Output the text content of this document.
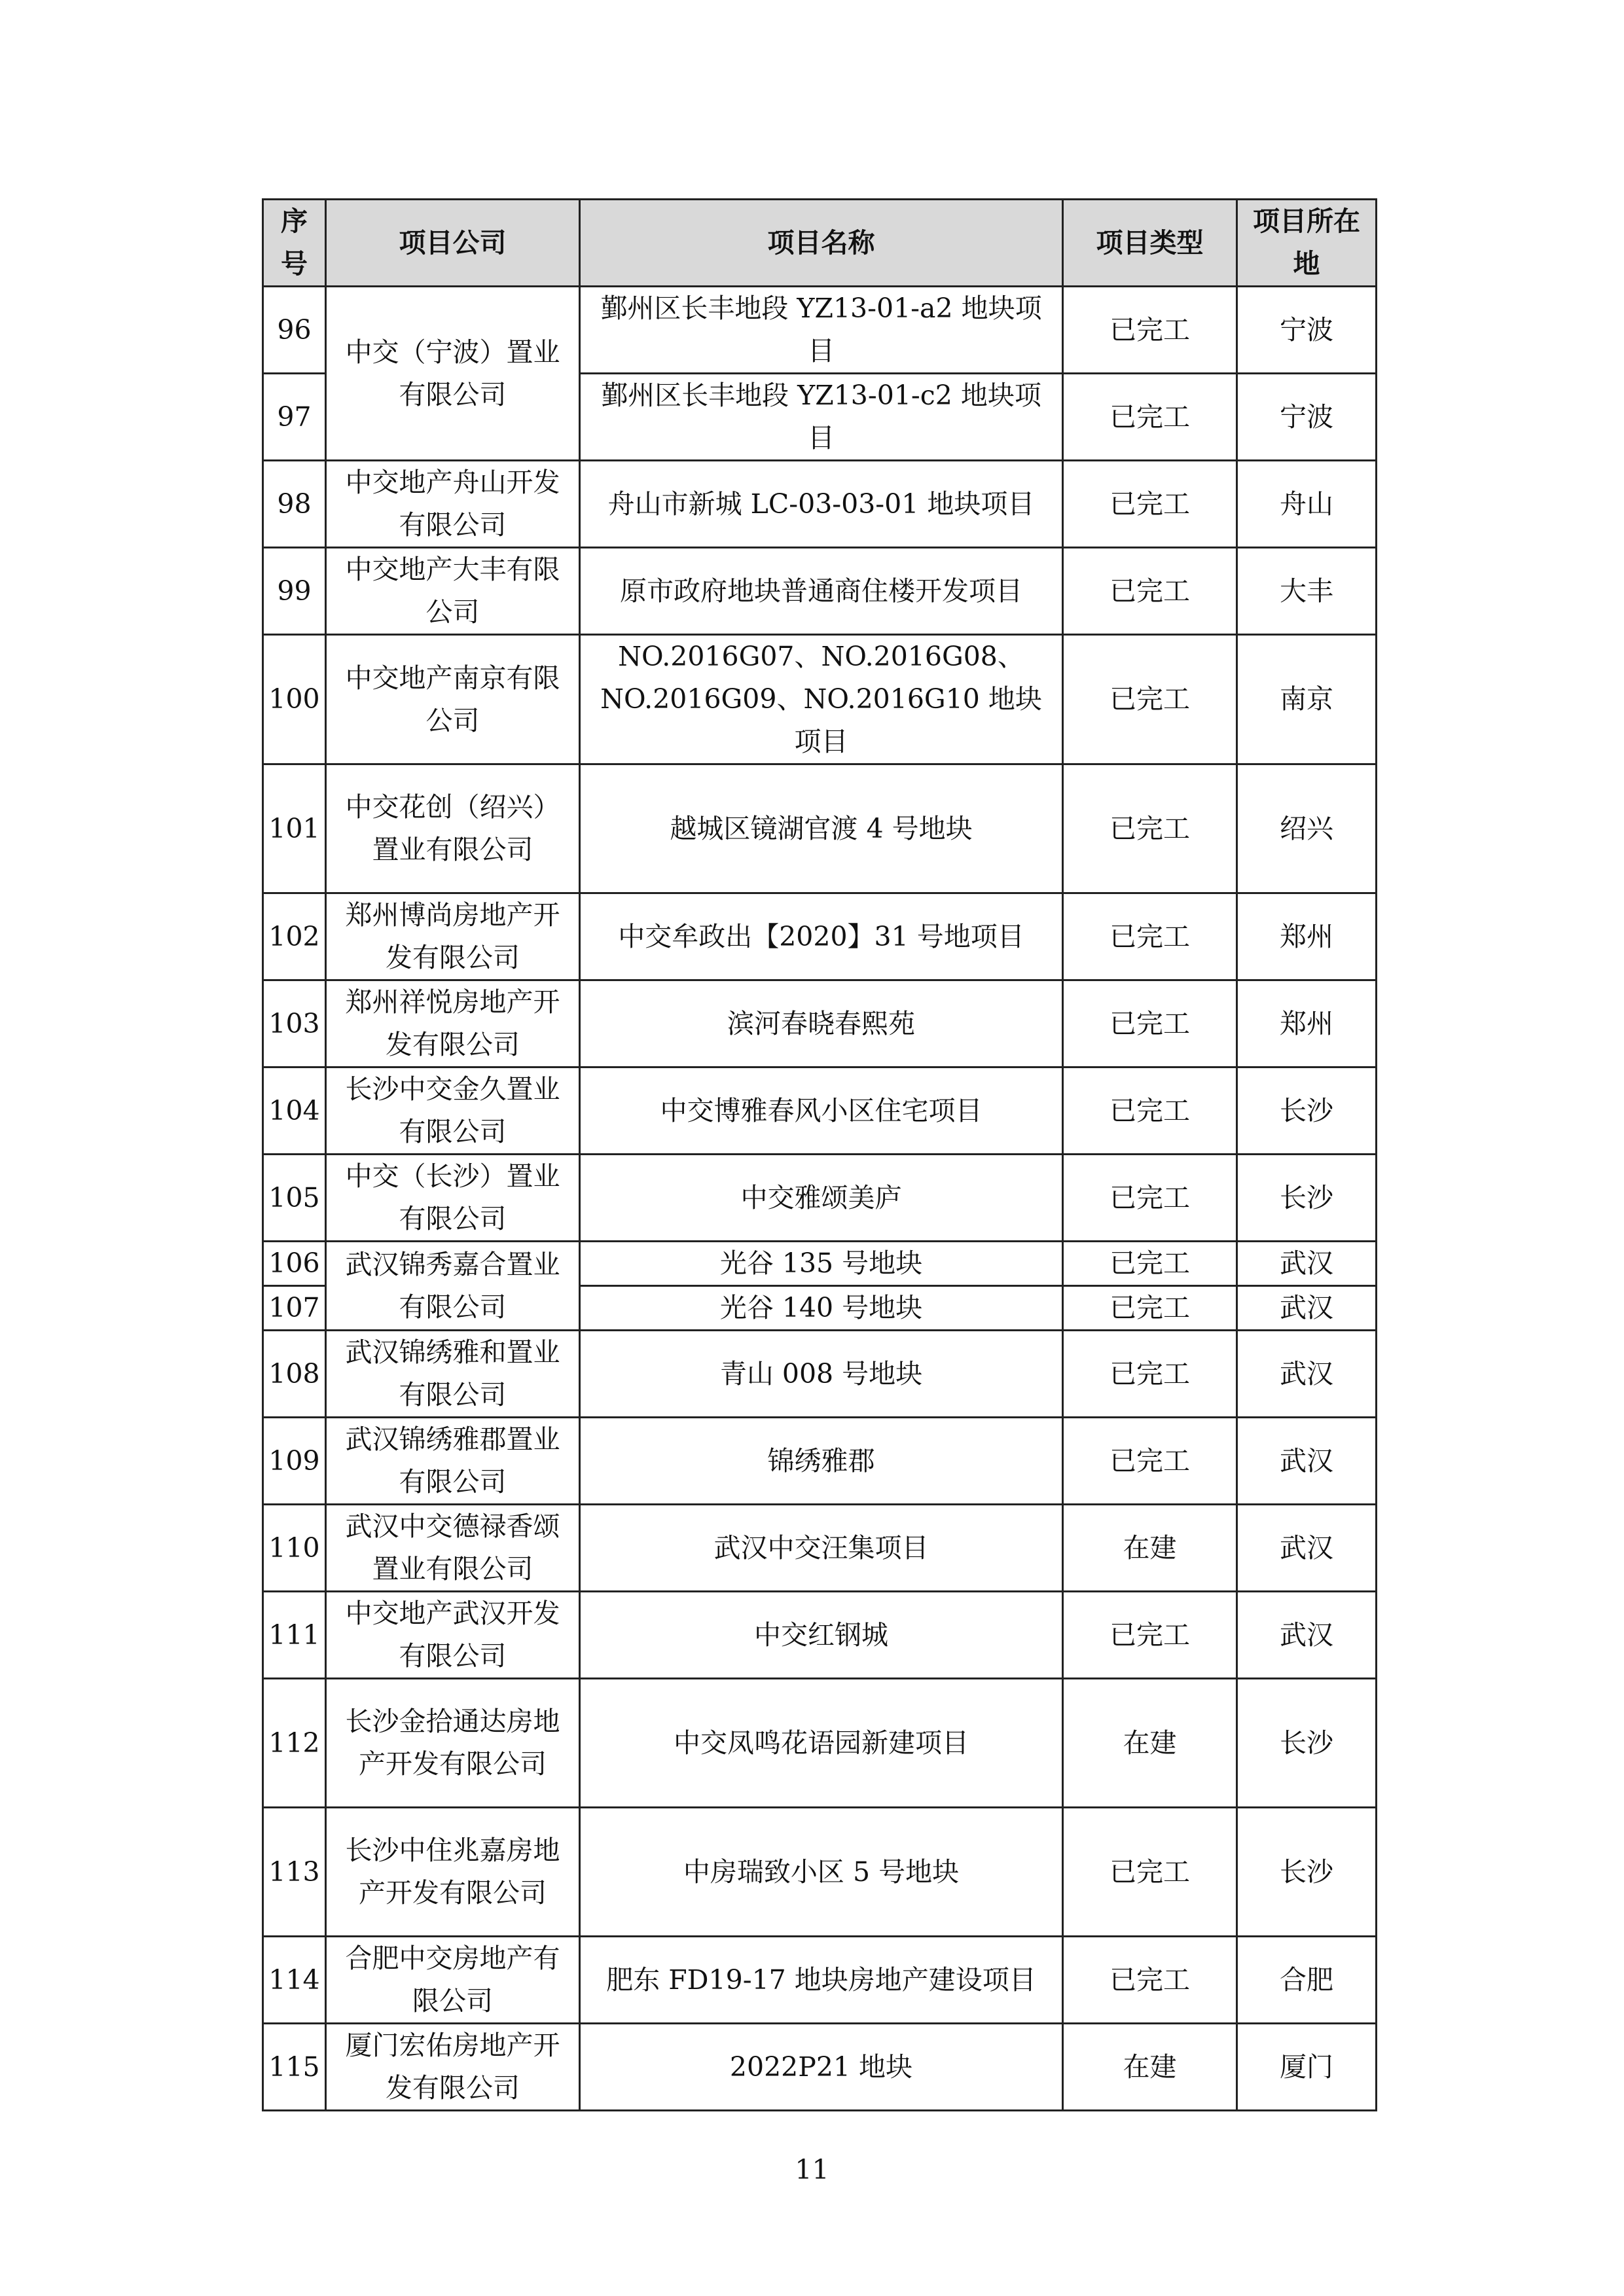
序号	项目公司	项目名称	项目类型	项目所在地
96	中交（宁波）置业有限公司	鄞州区长丰地段 YZ13-01-a2 地块项目	已完工	宁波
97		鄞州区长丰地段 YZ13-01-c2 地块项目	已完工	宁波
98	中交地产舟山开发有限公司	舟山市新城 LC-03-03-01 地块项目	已完工	舟山
99	中交地产大丰有限公司	原市政府地块普通商住楼开发项目	已完工	大丰
100	中交地产南京有限公司	NO.2016G07、NO.2016G08、NO.2016G09、NO.2016G10 地块项目	已完工	南京
101	中交花创（绍兴）置业有限公司	越城区镜湖官渡 4 号地块	已完工	绍兴
102	郑州博尚房地产开发有限公司	中交牟政出【2020】31 号地项目	已完工	郑州
103	郑州祥悦房地产开发有限公司	滨河春晓春熙苑	已完工	郑州
104	长沙中交金久置业有限公司	中交博雅春风小区住宅项目	已完工	长沙
105	中交（长沙）置业有限公司	中交雅颂美庐	已完工	长沙
106	武汉锦秀嘉合置业有限公司	光谷 135 号地块	已完工	武汉
107		光谷 140 号地块	已完工	武汉
108	武汉锦绣雅和置业有限公司	青山 008 号地块	已完工	武汉
109	武汉锦绣雅郡置业有限公司	锦绣雅郡	已完工	武汉
110	武汉中交德禄香颂置业有限公司	武汉中交汪集项目	在建	武汉
111	中交地产武汉开发有限公司	中交红钢城	已完工	武汉
112	长沙金拾通达房地产开发有限公司	中交凤鸣花语园新建项目	在建	长沙
113	长沙中住兆嘉房地产开发有限公司	中房瑞致小区 5 号地块	已完工	长沙
114	合肥中交房地产有限公司	肥东 FD19-17 地块房地产建设项目	已完工	合肥
115	厦门宏佑房地产开发有限公司	2022P21 地块	在建	厦门
11
